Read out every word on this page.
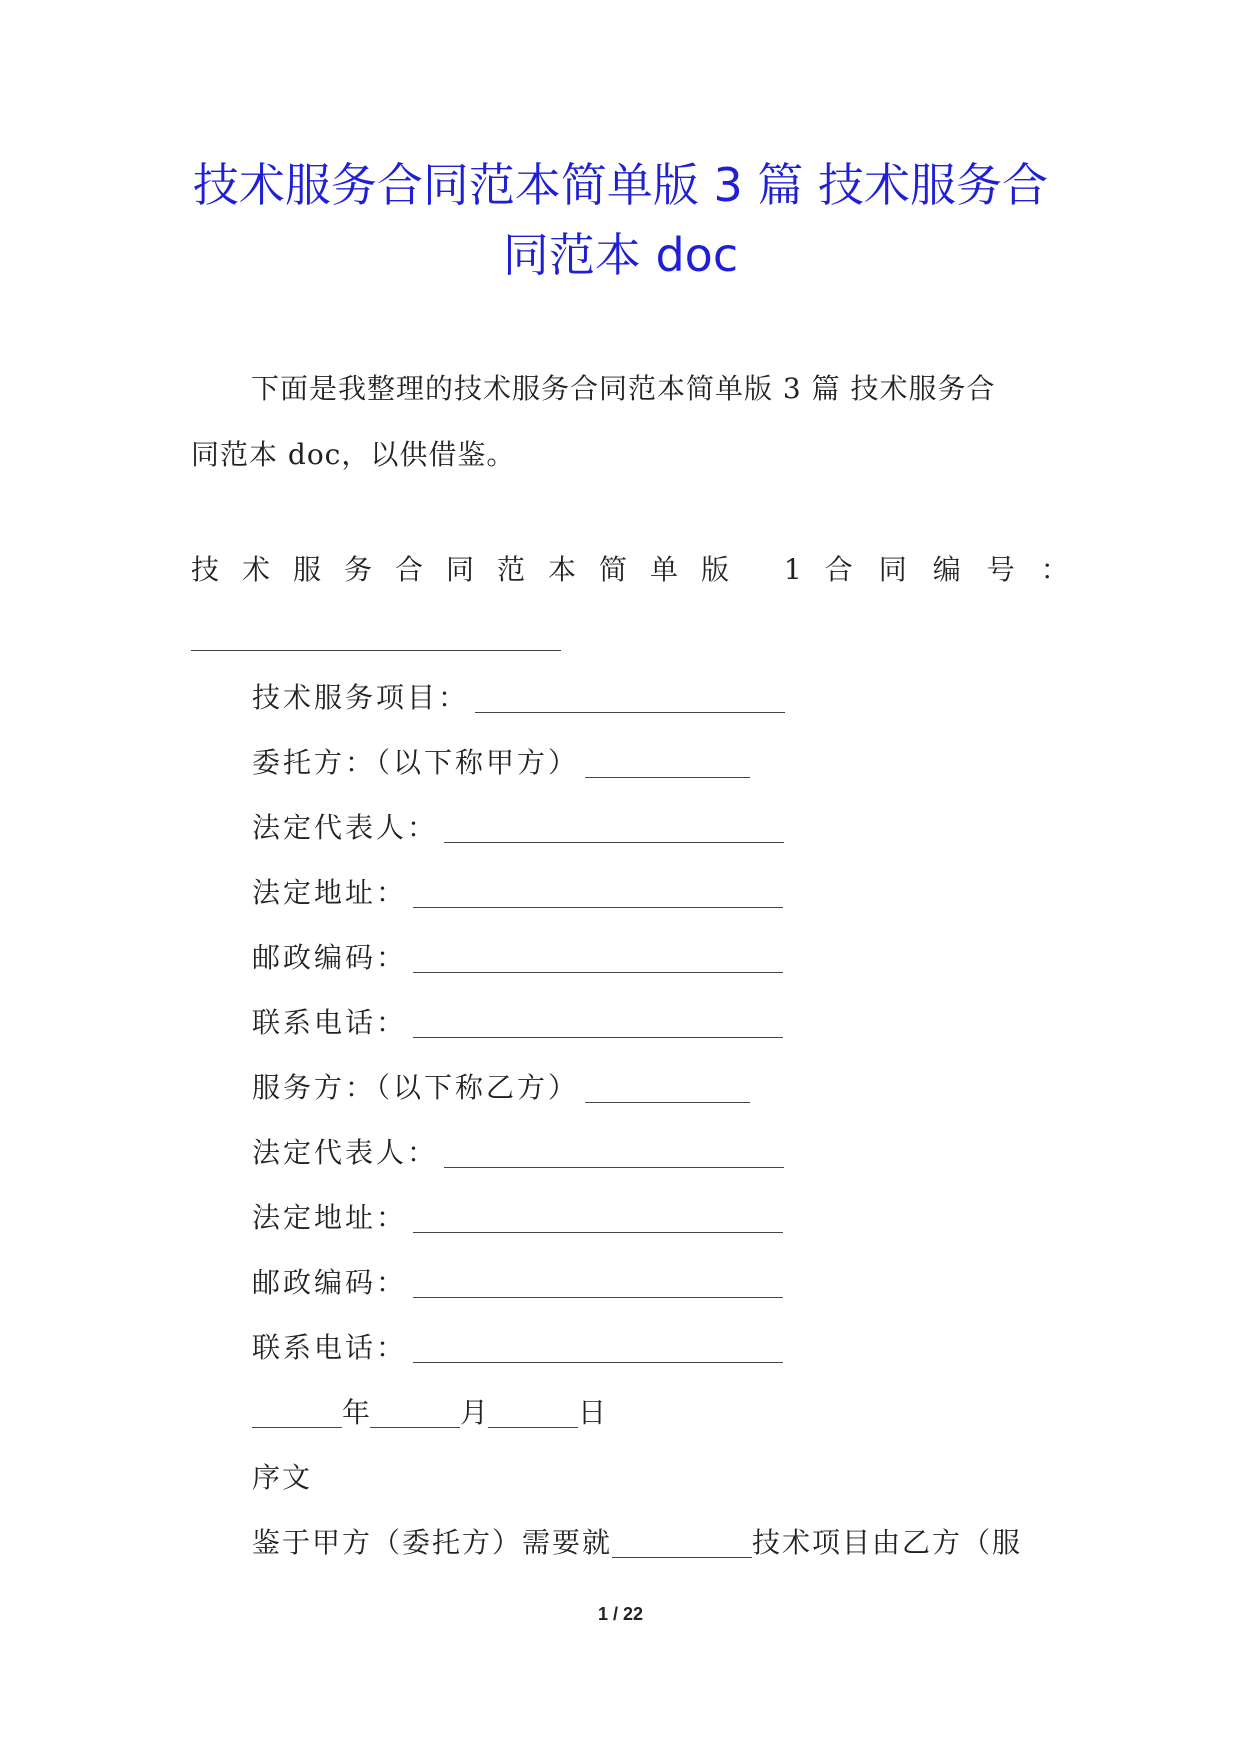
技术服务合同范本简单版 3 篇 技术服务合
同范本 doc

下面是我整理的技术服务合同范本简单版 3 篇 技术服务合
同范本 doc，以供借鉴。

技术服务合同范本简单版 1 合同编号：
技术服务项目：
委托方：（以下称甲方）
法定代表人：
法定地址：
邮政编码：
联系电话：
服务方：（以下称乙方）
法定代表人：
法定地址：
邮政编码：
联系电话：
年	月	日
序文
鉴于甲方（委托方）需要就	技术项目由乙方（服
1 / 22
